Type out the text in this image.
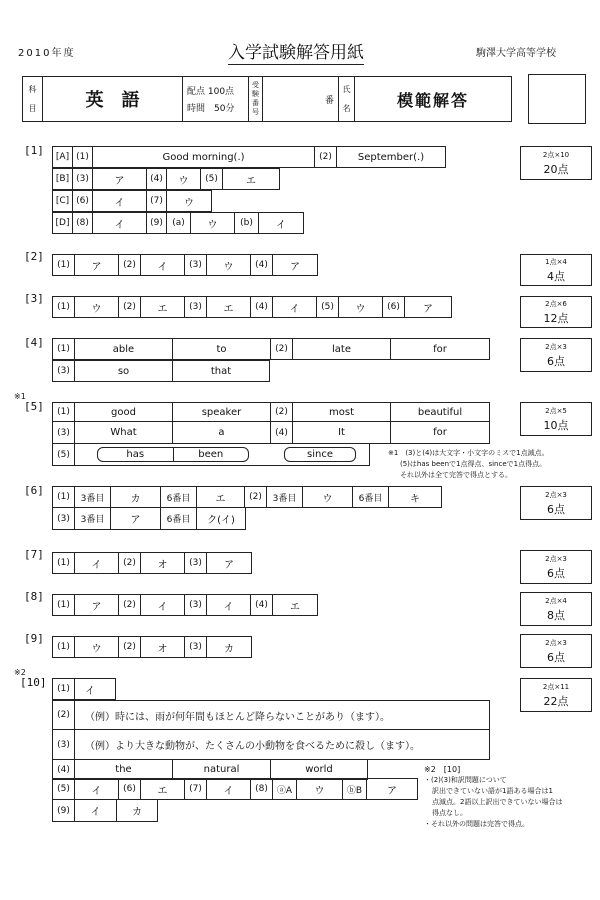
2010年度	入学試験解答用紙	駒澤大学高等学校
科
目	英　語	配点 100点
時間　50分
受
験
番
号
番
氏
名	模範解答
[1]	[A] (1)	Good morning(.)	(2)	September(.)
[B] (3)	ア	(4)	ウ	(5)	エ
[C] (6)	イ	(7)	ウ
[D] (8)	イ	(9)	(a)	ウ	(b)	イ
2点×10
20点
[2]
(1)	ア	(2)	イ	(3)	ウ	(4)	ア	1点×4
4点
[3]
(1)	ウ	(2)	エ	(3)	エ	(4)	イ	(5)	ウ	(6)	ア	2点×6
12点
[4]	(1)	able	to	(2)	late	for
(3)	so	that
2点×3
6点
※1
[5]	(1)	good	speaker	(2)	most	beautiful
(3)	What	a	(4)	It	for
(5)	has	been	since
2点×5
10点
※1　(3)と(4)は大文字・小文字のミスで1点減点。
(5)はhas beenで1点得点、sinceで1点得点。
それ以外は全て完答で得点とする。
[6]	(1)	3番目	カ	6番目	エ	(2)	3番目	ウ	6番目	キ
(3)	3番目	ア	6番目	ク(イ)
2点×3
6点
[7]
(1)	イ	(2)	オ	(3)	ア
2点×3
6点
[8]
(1)	ア	(2)	イ	(3)	イ	(4)	エ
2点×4
8点
[9]
(1)	ウ	(2)	オ	(3)	カ
2点×3
6点
※2
[10]	(1)	イ
(2)	（例）時には、雨が何年間もほとんど降らないことがあり（ます）。
(3)	（例）より大きな動物が、たくさんの小動物を食べるために殺し（ます）。
(4)	the	natural	world
(5)	イ	(6)	エ	(7)	イ	(8)	ⓐA	ウ	ⓑB	ア
(9)	イ	カ
2点×11
22点
※2　[10]
・(2)(3)和訳問題について
訳出できていない語が1語ある場合は1
点減点。2語以上訳出できていない場合は
得点なし。
・それ以外の問題は完答で得点。
